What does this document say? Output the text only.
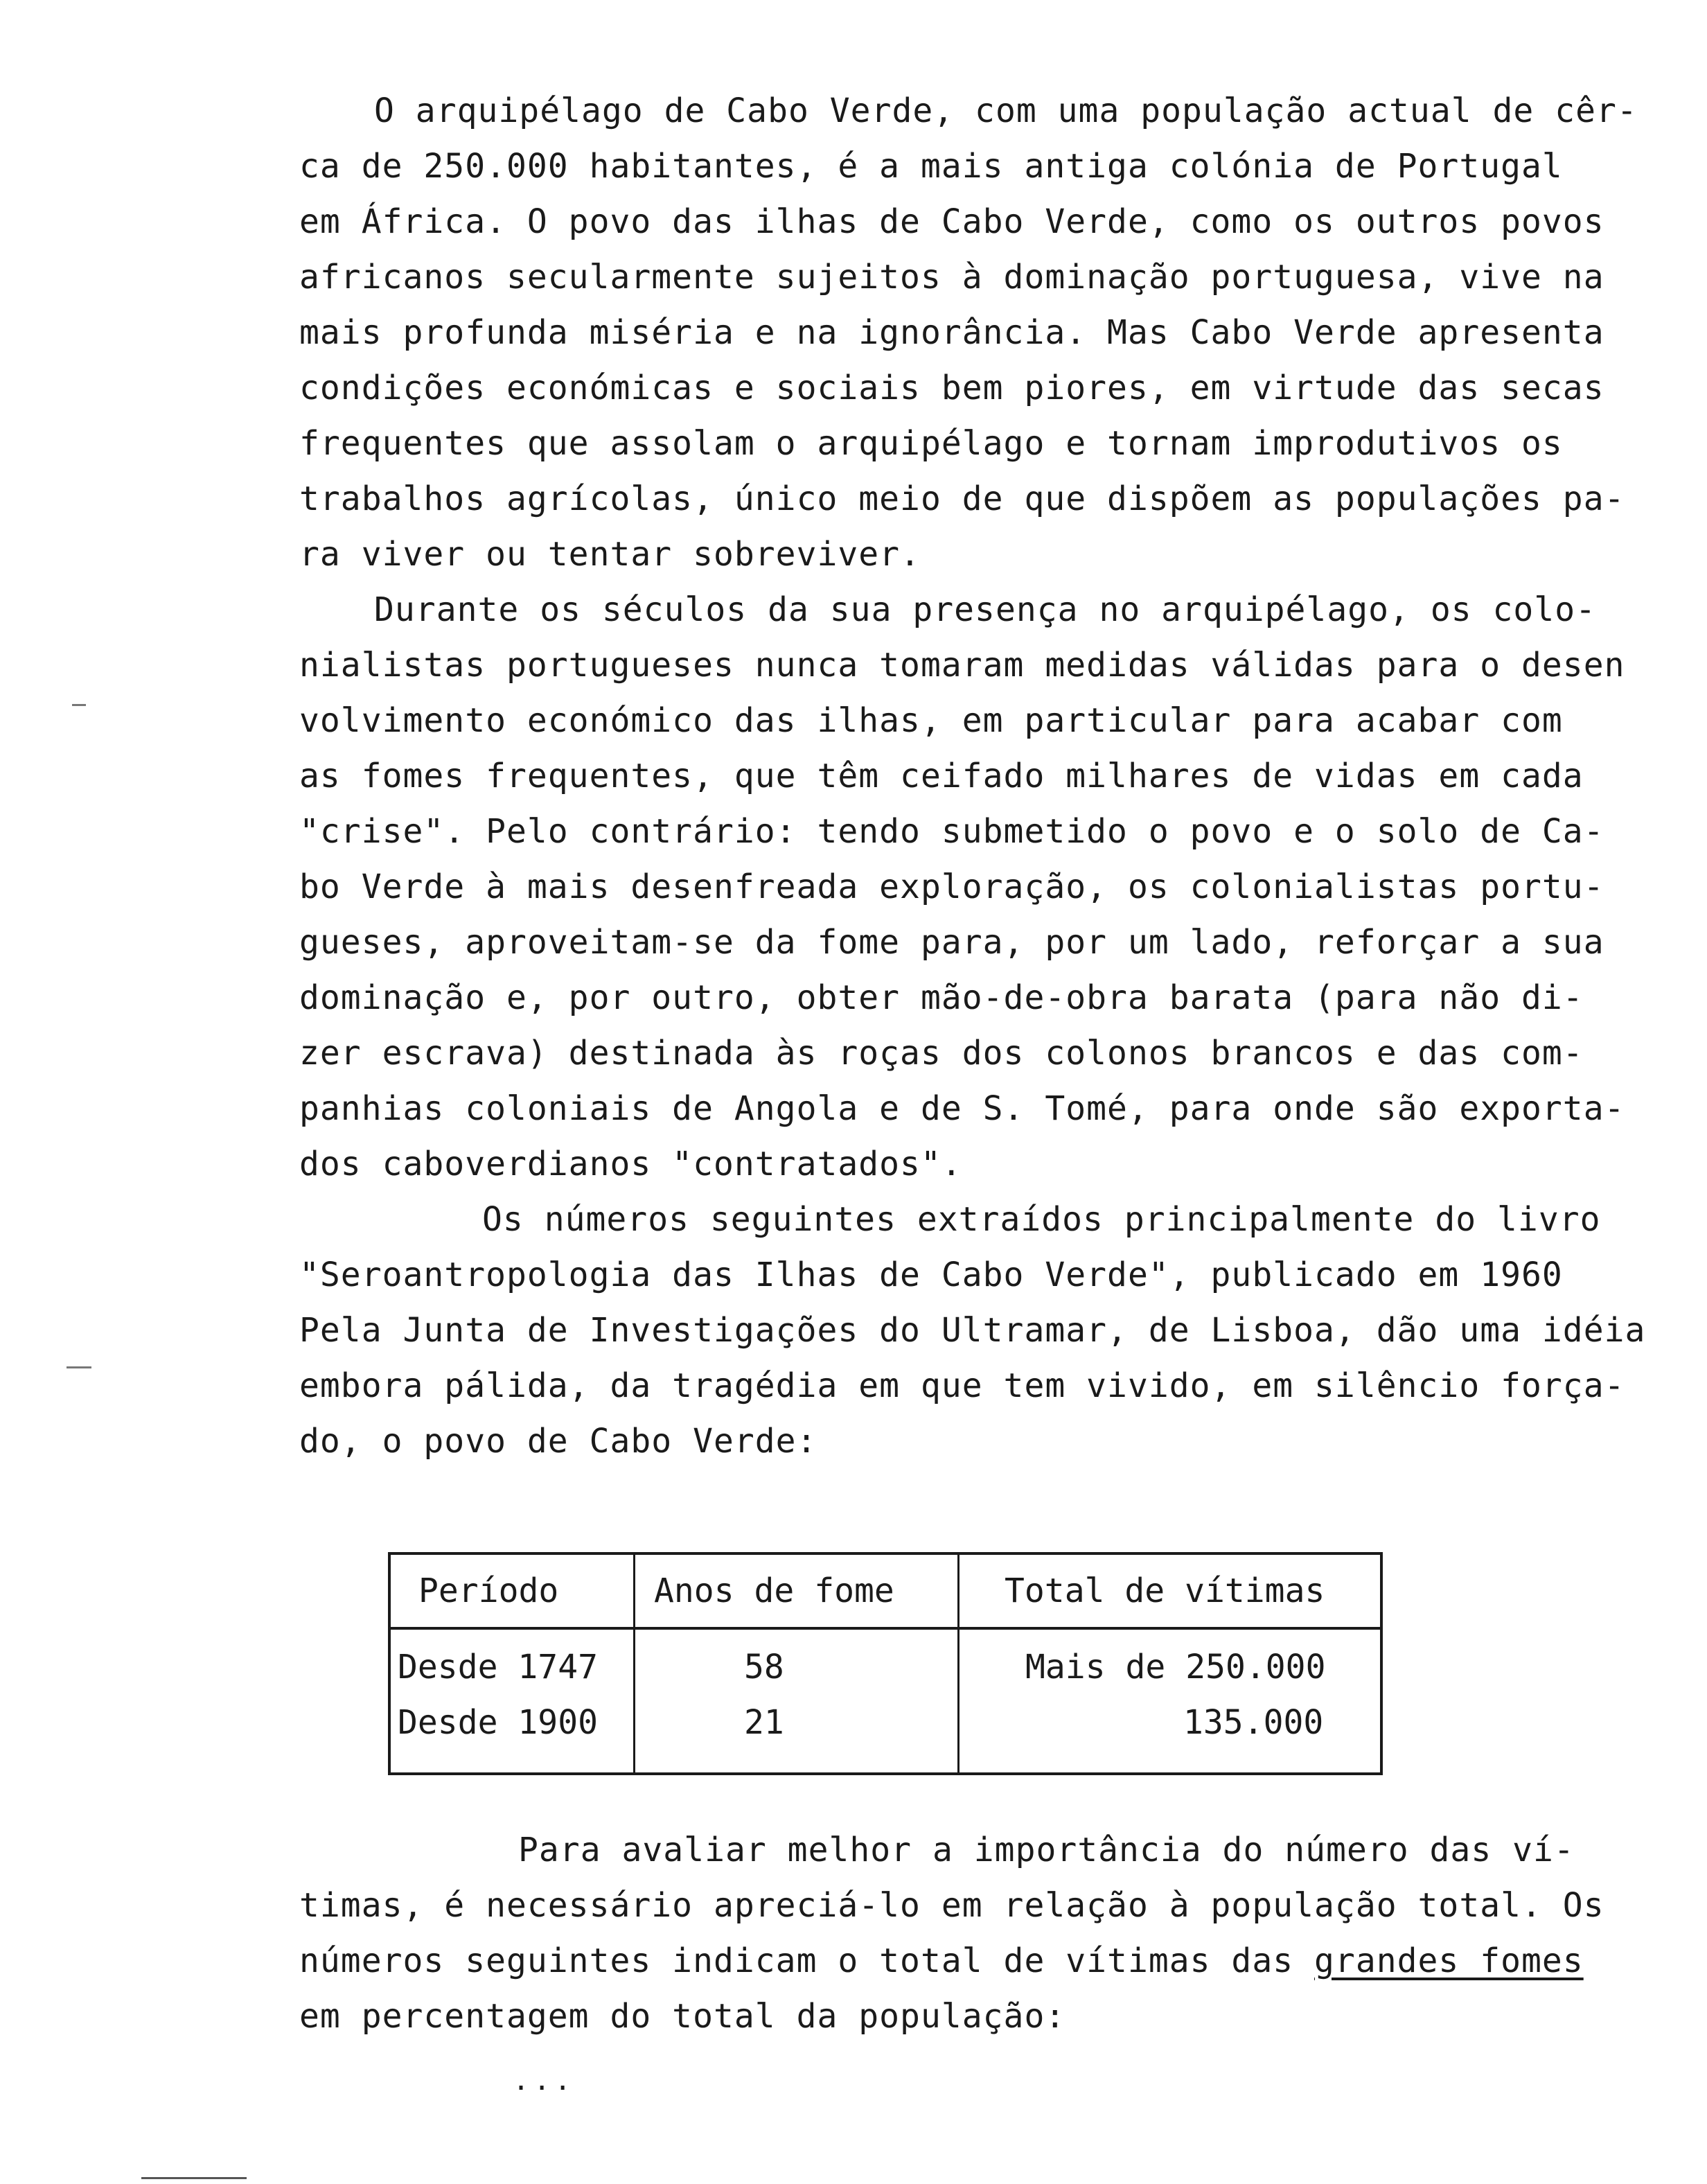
O arquipélago de Cabo Verde, com uma população actual de cêr-
ca de 250.000 habitantes, é a mais antiga colónia de Portugal
em África. O povo das ilhas de Cabo Verde, como os outros povos
africanos secularmente sujeitos à dominação portuguesa, vive na
mais profunda miséria e na ignorância. Mas Cabo Verde apresenta
condições económicas e sociais bem piores, em virtude das secas
frequentes que assolam o arquipélago e tornam improdutivos os
trabalhos agrícolas, único meio de que dispõem as populações pa-
ra viver ou tentar sobreviver.
Durante os séculos da sua presença no arquipélago, os colo-
nialistas portugueses nunca tomaram medidas válidas para o desen
volvimento económico das ilhas, em particular para acabar com
as fomes frequentes, que têm ceifado milhares de vidas em cada
"crise". Pelo contrário: tendo submetido o povo e o solo de Ca-
bo Verde à mais desenfreada exploração, os colonialistas portu-
gueses, aproveitam-se da fome para, por um lado, reforçar a sua
dominação e, por outro, obter mão-de-obra barata (para não di-
zer escrava) destinada às roças dos colonos brancos e das com-
panhias coloniais de Angola e de S. Tomé, para onde são exporta-
dos caboverdianos "contratados".
Os números seguintes extraídos principalmente do livro
"Seroantropologia das Ilhas de Cabo Verde", publicado em 1960
Pela Junta de Investigações do Ultramar, de Lisboa, dão uma idéia
embora pálida, da tragédia em que tem vivido, em silêncio força-
do, o povo de Cabo Verde:
Período	Anos de fome	Total de vítimas
Desde 1747	58	Mais de 250.000
Desde 1900	21	135.000
Para avaliar melhor a importância do número das ví-
timas, é necessário apreciá-lo em relação à população total. Os
números seguintes indicam o total de vítimas das grandes fomes
em percentagem do total da população:
...
